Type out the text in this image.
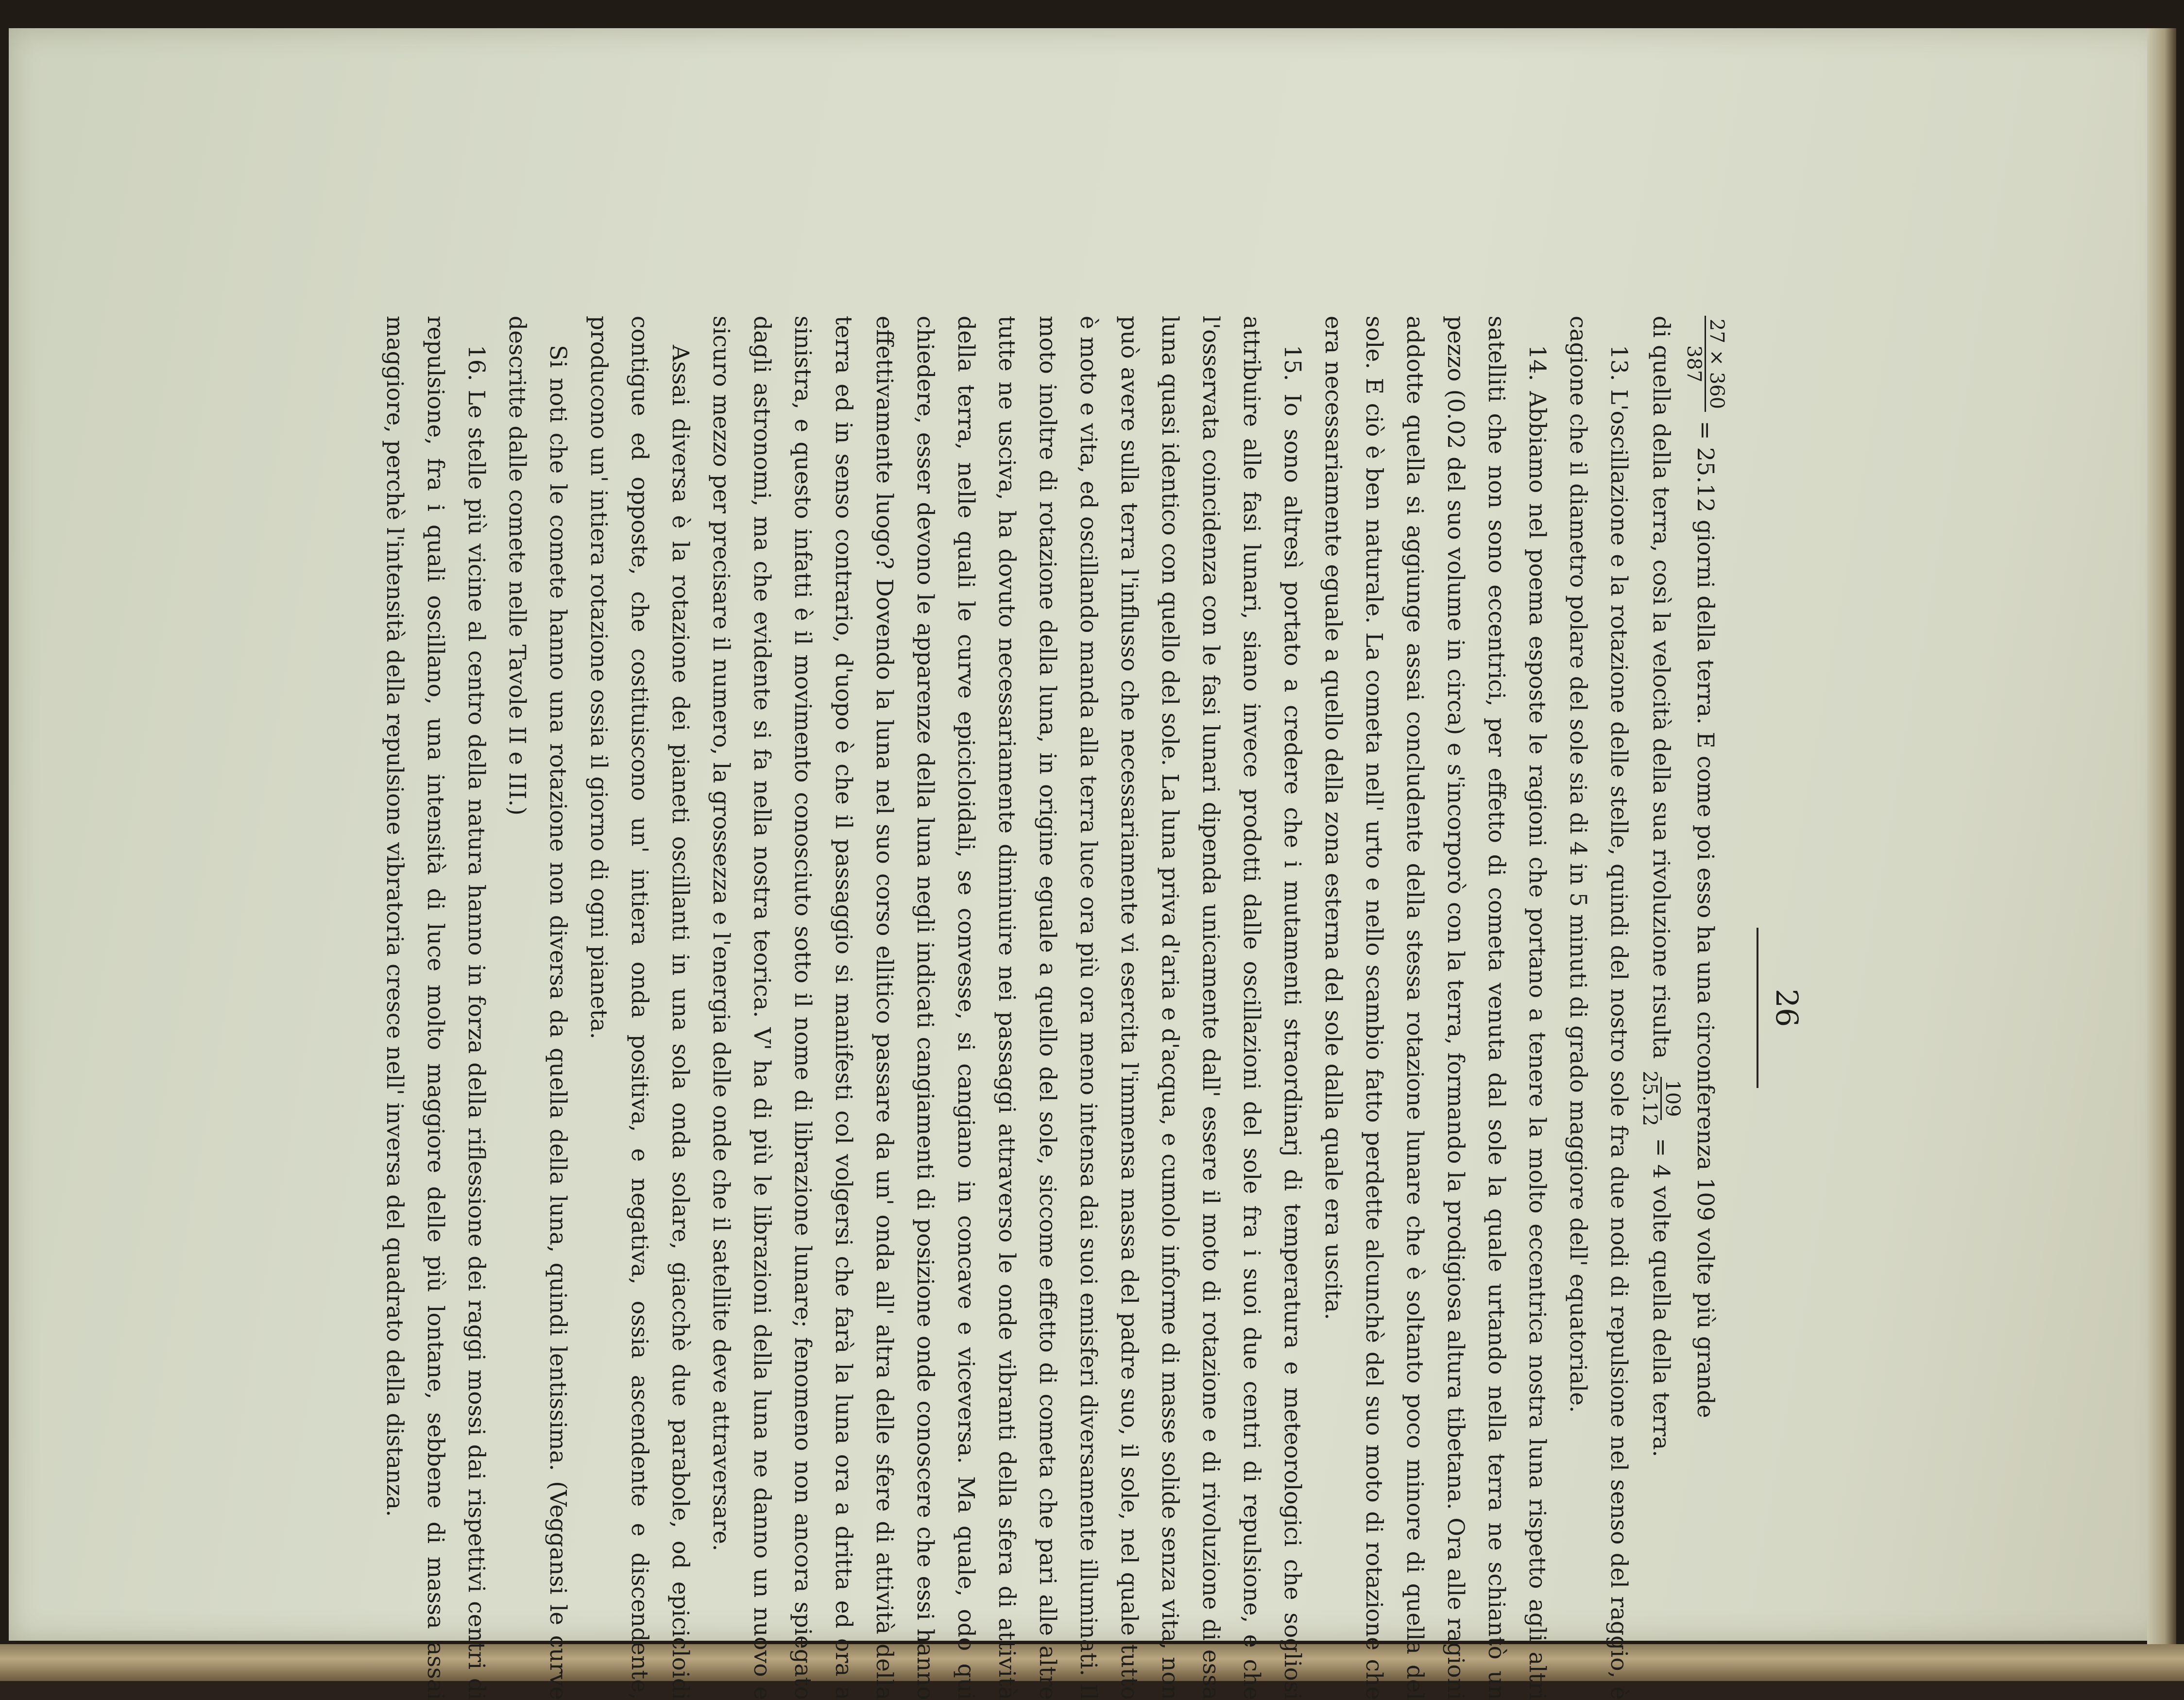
26
27 × 360
387
= 25.12 giorni della terra. E come poi esso ha una circonferenza 109 volte più grande
di quella della terra, così la velocità della sua rivoluzione risulta
109
25.12
= 4 volte quella della terra.

13. L'oscillazione e la rotazione delle stelle, quindi del nostro sole fra due nodi di repulsione nel senso del raggio, è cagione che il diametro polare del sole sia di 4 in 5 minuti di grado maggiore dell' equatoriale.

14. Abbiamo nel poema esposte le ragioni che portano a tenere la molto eccentrica nostra luna rispetto agli altri satelliti che non sono eccentrici, per effetto di cometa venuta dal sole la quale urtando nella terra ne schiantò un pezzo (0.02 del suo volume in circa) e s'incorporò con la terra, formando la prodigiosa altura tibetana. Ora alle ragioni addotte quella si aggiunge assai concludente della stessa rotazione lunare che è soltanto poco minore di quella del sole. E ciò è ben naturale. La cometa nell' urto e nello scambio fatto perdette alcunchè del suo moto di rotazione che era necessariamente eguale a quello della zona esterna del sole dalla quale era uscita.

15. Io sono altresì portato a credere che i mutamenti straordinarj di temperatura e meteorologici che sogliosi attribuire alle fasi lunari, siano invece prodotti dalle oscillazioni del sole fra i suoi due centri di repulsione, e che l'osservata coincidenza con le fasi lunari dipenda unicamente dall' essere il moto di rotazione e di rivoluzione di essa luna quasi identico con quello del sole. La luna priva d'aria e d'acqua, e cumolo informe di masse solide senza vita, non può avere sulla terra l'influsso che necessariamente vi esercita l'immensa massa del padre suo, il sole, nel quale tutto è moto e vita, ed oscillando manda alla terra luce ora più ora meno intensa dai suoi emisferi diversamente illuminati. Il moto inoltre di rotazione della luna, in origine eguale a quello del sole, siccome effetto di cometa che pari alle altre tutte ne usciva, ha dovuto necessariamente diminuire nei passaggi attraverso le onde vibranti della sfera di attività della terra, nelle quali le curve epicicloidali, se convesse, si cangiano in concave e viceversa. Ma quale, odo qui chiedere, esser devono le apparenze della luna negli indicati cangiamenti di posizione onde conoscere che essi hanno effettivamente luogo? Dovendo la luna nel suo corso ellitico passare da un' onda all' altra delle sfere di attività della terra ed in senso contrario, d'uopo è che il passaggio si manifesti col volgersi che farà la luna ora a dritta ed ora a sinistra, e questo infatti è il movimento conosciuto sotto il nome di librazione lunare; fenomeno non ancora spiegato dagli astronomi, ma che evidente si fa nella nostra teorica. V' ha di più le librazioni della luna ne danno un nuovo e sicuro mezzo per precisare il numero, la grossezza e l'energia delle onde che il satellite deve attraversare.

Assai diversa è la rotazione dei pianeti oscillanti in una sola onda solare, giacchè due parabole, od epicicloidi contigue ed opposte, che costituiscono un' intiera onda positiva, e negativa, ossia ascendente e discendente, producono un' intiera rotazione ossia il giorno di ogni pianeta.

Si noti che le comete hanno una rotazione non diversa da quella della luna, quindi lentissima. (Veggansi le curve descritte dalle comete nelle Tavole II e III.)

16. Le stelle più vicine al centro della natura hanno in forza della riflessione dei raggi mossi dai rispettivi centri di repulsione, fra i quali oscillano, una intensità di luce molto maggiore delle più lontane, sebbene di massa assai maggiore, perchè l'intensità della repulsione vibratoria cresce nell' inversa del quadrato della distanza.
